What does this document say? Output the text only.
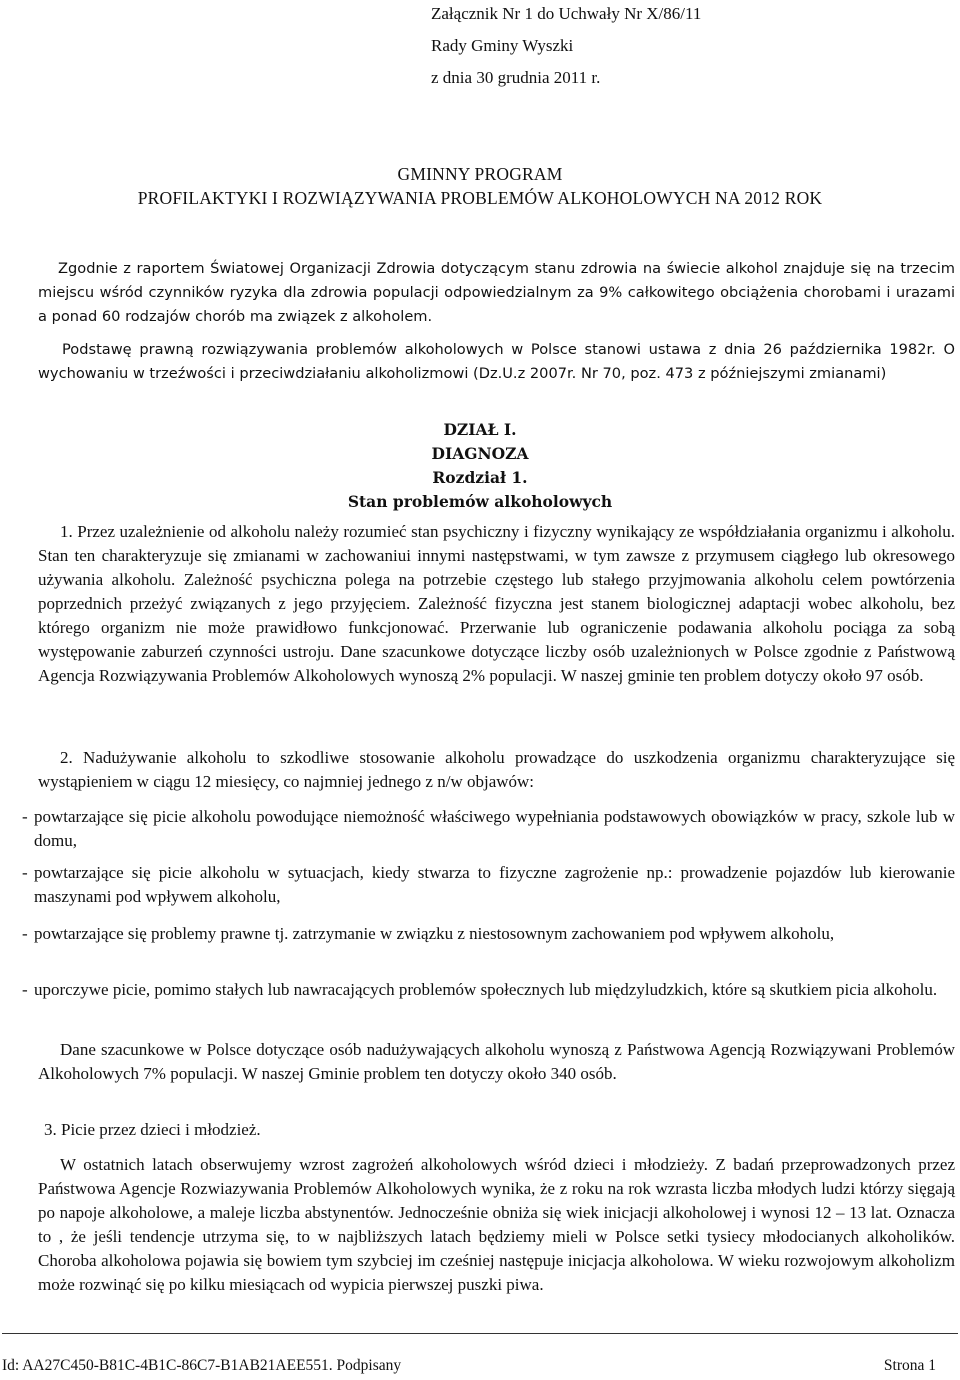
Załącznik Nr 1 do Uchwały Nr X/86/11
Rady Gminy Wyszki
z dnia 30 grudnia 2011 r.
GMINNY PROGRAM
PROFILAKTYKI I ROZWIĄZYWANIA PROBLEMÓW ALKOHOLOWYCH NA 2012 ROK
Zgodnie z raportem Światowej Organizacji Zdrowia dotyczącym stanu zdrowia na świecie alkohol znajduje się na trzecim miejscu wśród czynników ryzyka dla zdrowia populacji odpowiedzialnym za 9% całkowitego obciążenia chorobami i urazami a ponad 60 rodzajów chorób ma związek z alkoholem.
Podstawę prawną rozwiązywania problemów alkoholowych w Polsce stanowi ustawa z dnia 26 października 1982r. O wychowaniu w trzeźwości i przeciwdziałaniu alkoholizmowi (Dz.U.z 2007r. Nr 70, poz. 473 z późniejszymi zmianami)
DZIAŁ I.
DIAGNOZA
Rozdział 1.
Stan problemów alkoholowych
1. Przez uzależnienie od alkoholu należy rozumieć stan psychiczny i fizyczny wynikający ze współdziałania organizmu i alkoholu. Stan ten charakteryzuje się zmianami w zachowaniui innymi następstwami, w tym zawsze z przymusem ciągłego lub okresowego używania alkoholu. Zależność psychiczna polega na potrzebie częstego lub stałego przyjmowania alkoholu celem powtórzenia poprzednich przeżyć związanych z jego przyjęciem. Zależność fizyczna jest stanem biologicznej adaptacji wobec alkoholu, bez którego organizm nie może prawidłowo funkcjonować. Przerwanie lub ograniczenie podawania alkoholu pociąga za sobą występowanie zaburzeń czynności ustroju. Dane szacunkowe dotyczące liczby osób uzależnionych w Polsce zgodnie z Państwową Agencja Rozwiązywania Problemów Alkoholowych wynoszą 2% populacji. W naszej gminie ten problem dotyczy około 97 osób.
2. Nadużywanie alkoholu to szkodliwe stosowanie alkoholu prowadzące do uszkodzenia organizmu charakteryzujące się wystąpieniem w ciągu 12 miesięcy, co najmniej jednego z n/w objawów:
- powtarzające się picie alkoholu powodujące niemożność właściwego wypełniania podstawowych obowiązków w pracy, szkole lub w domu,
- powtarzające się picie alkoholu w sytuacjach, kiedy stwarza to fizyczne zagrożenie np.: prowadzenie pojazdów lub kierowanie maszynami pod wpływem alkoholu,
- powtarzające się problemy prawne tj. zatrzymanie w związku z niestosownym zachowaniem pod wpływem alkoholu,
- uporczywe picie, pomimo stałych lub nawracających problemów społecznych lub międzyludzkich, które są skutkiem picia alkoholu.
Dane szacunkowe w Polsce dotyczące osób nadużywających alkoholu wynoszą z Państwowa Agencją Rozwiązywani Problemów Alkoholowych 7% populacji. W naszej Gminie problem ten dotyczy około 340 osób.
3. Picie przez dzieci i młodzież.
W ostatnich latach obserwujemy wzrost zagrożeń alkoholowych wśród dzieci i młodzieży. Z badań przeprowadzonych przez Państwowa Agencje Rozwiazywania Problemów Alkoholowych wynika, że z roku na rok wzrasta liczba młodych ludzi którzy sięgają po napoje alkoholowe, a maleje liczba abstynentów. Jednocześnie obniża się wiek inicjacji alkoholowej i wynosi 12 – 13 lat. Oznacza to , że jeśli tendencje utrzyma się, to w najbliższych latach będziemy mieli w Polsce setki tysiecy młodocianych alkoholików. Choroba alkoholowa pojawia się bowiem tym szybciej im cześniej następuje inicjacja alkoholowa. W wieku rozwojowym alkoholizm może rozwinąć się po kilku miesiącach od wypicia pierwszej puszki piwa.
Id: AA27C450-B81C-4B1C-86C7-B1AB21AEE551. Podpisany	Strona 1
